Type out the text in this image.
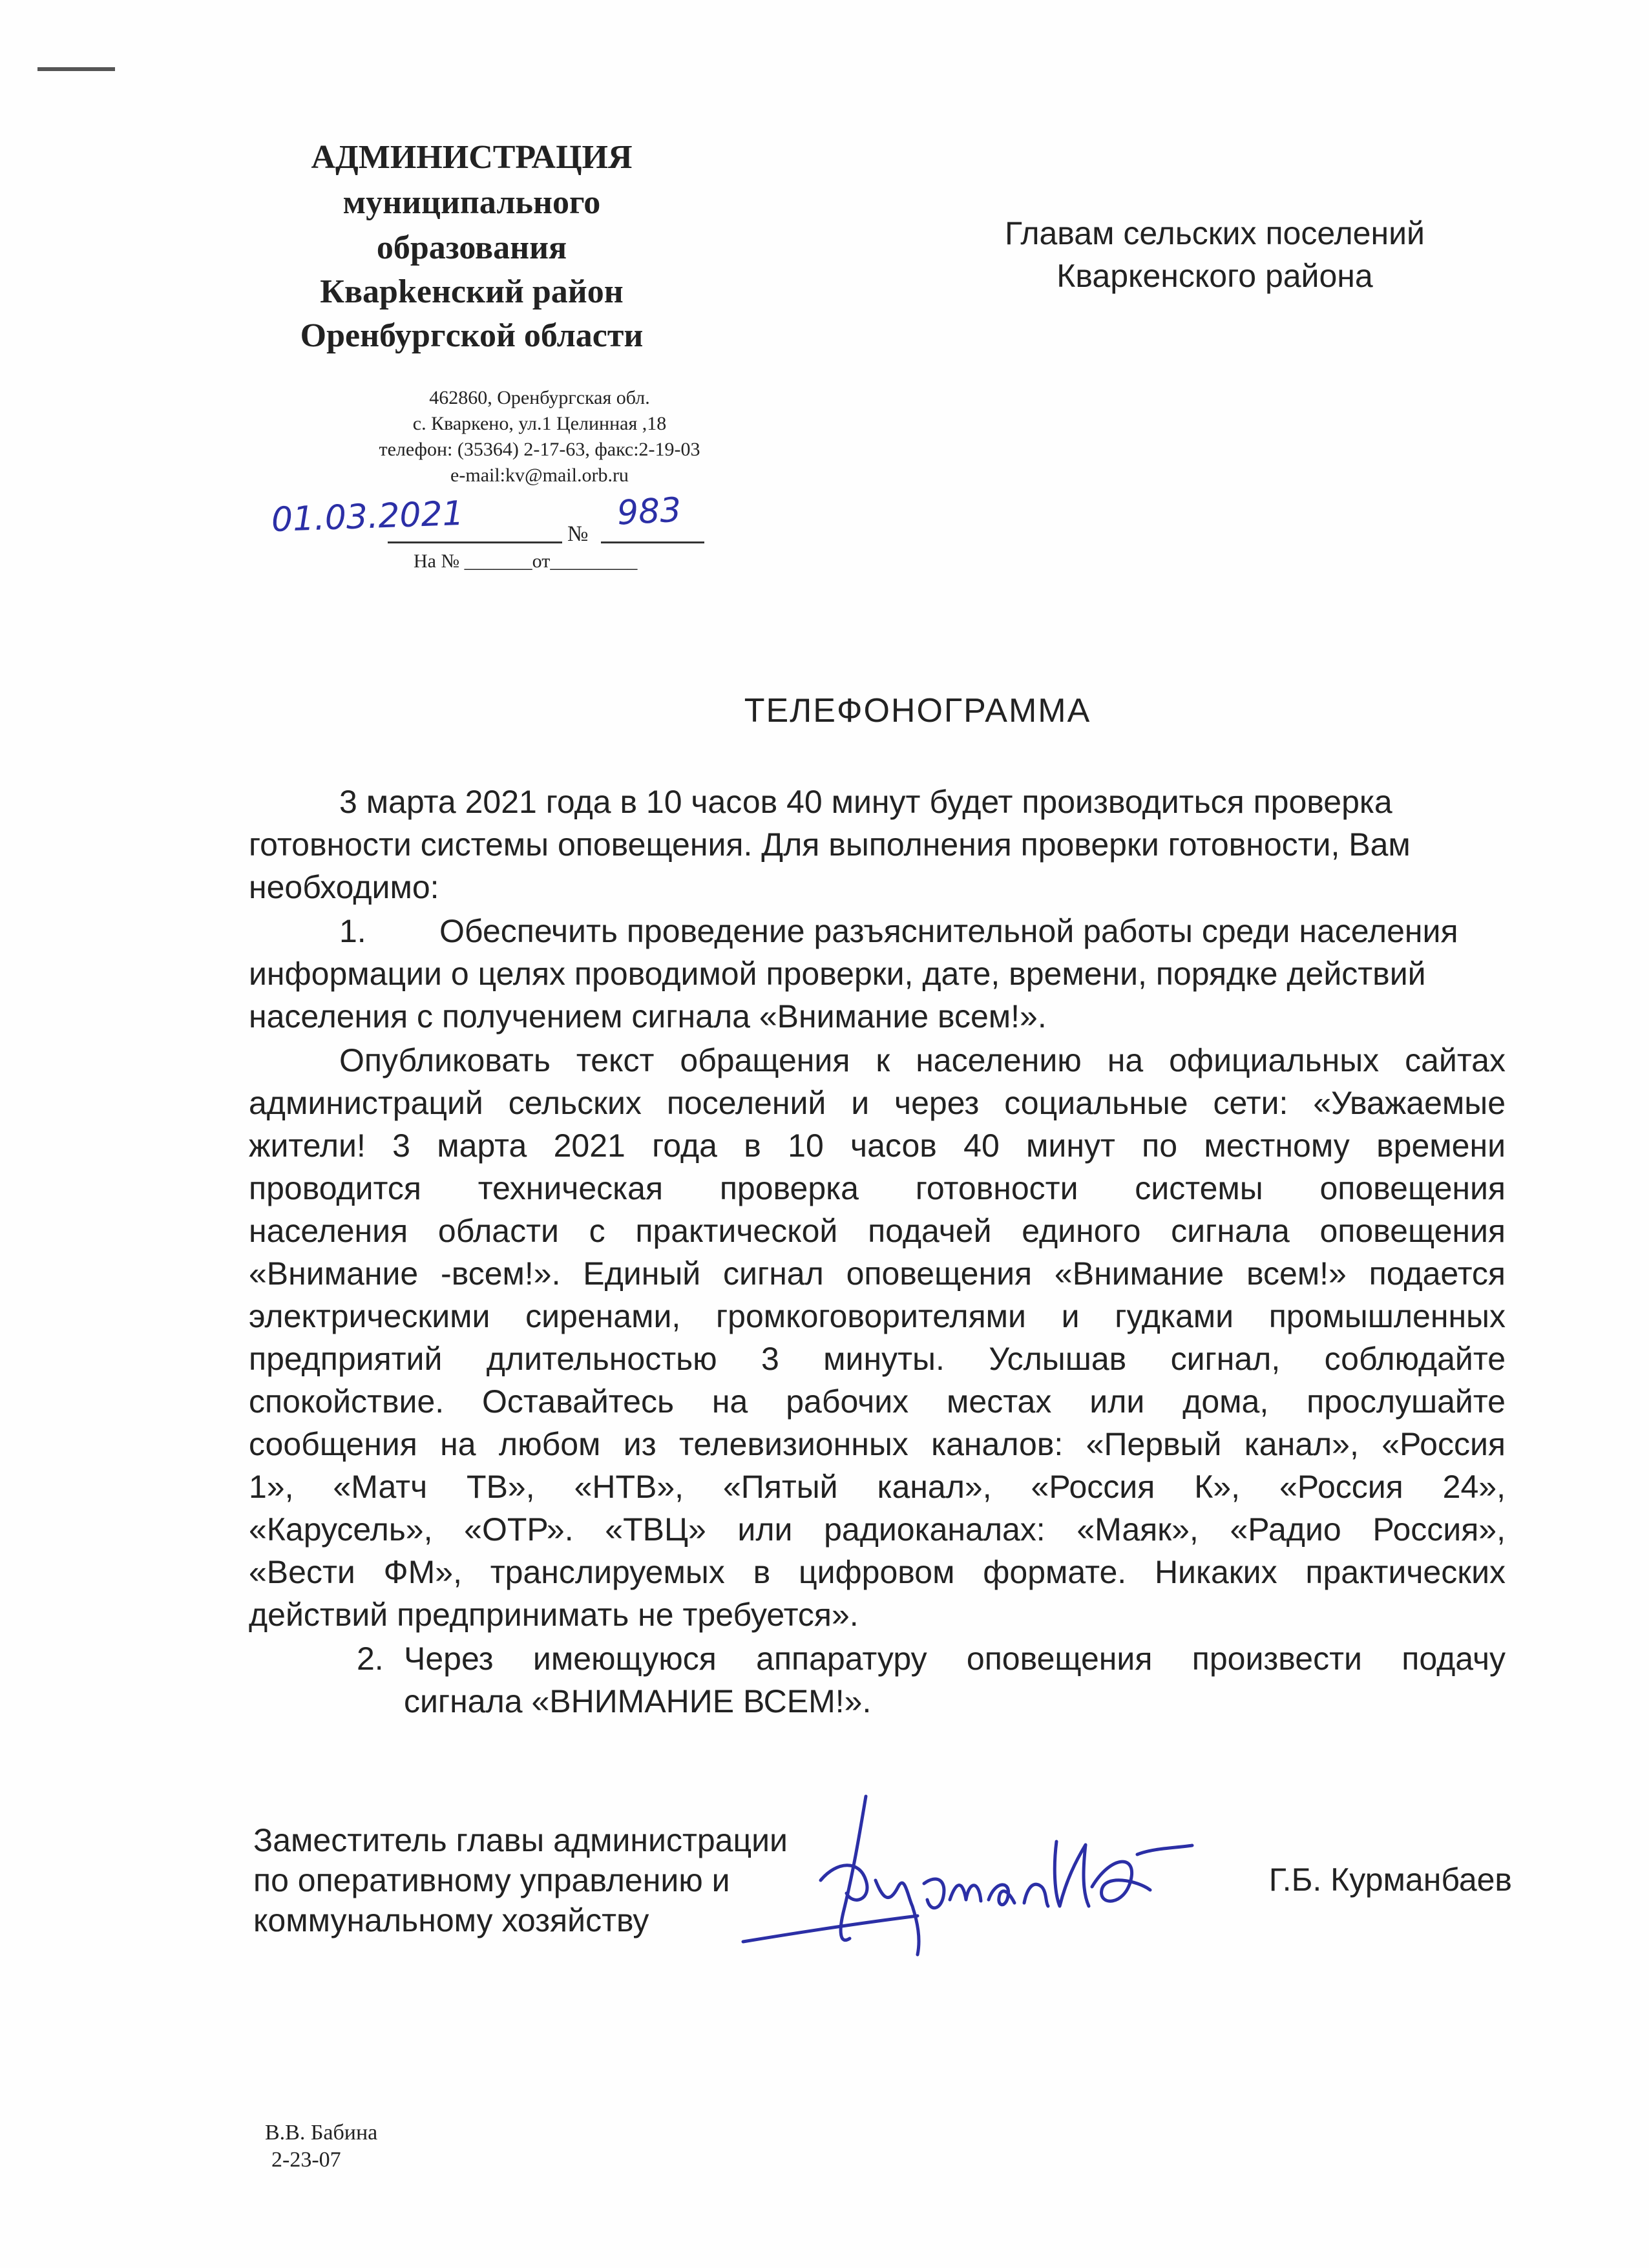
АДМИНИСТРАЦИЯ
муниципального
образования
Кварkенский район
Оренбургской области
462860, Оренбургская обл.
с. Кваркено, ул.1 Целинная ,18
телефон: (35364) 2-17-63, факс:2-19-03
e-mail:kv@mail.orb.ru
01.03.2021	№
983
На № _______от_________
Главам сельских поселений
Кваркенского района
ТЕЛЕФОНОГРАММА
3 марта 2021 года в 10 часов 40 минут будет производиться проверка
готовности системы оповещения. Для выполнения проверки готовности, Вам
необходимо:
1. Обеспечить проведение разъяснительной работы среди населения
информации о целях проводимой проверки, дате, времени, порядке действий
населения с получением сигнала «Внимание всем!».
Опубликовать текст обращения к населению на официальных сайтах
администраций сельских поселений и через социальные сети: «Уважаемые
жители! 3 марта 2021 года в 10 часов 40 минут по местному времени
проводится техническая проверка готовности системы оповещения
населения области с практической подачей единого сигнала оповещения
«Внимание -всем!». Единый сигнал оповещения «Внимание всем!» подается
электрическими сиренами, громкоговорителями и гудками промышленных
предприятий длительностью 3 минуты. Услышав сигнал, соблюдайте
спокойствие. Оставайтесь на рабочих местах или дома, прослушайте
сообщения на любом из телевизионных каналов: «Первый канал», «Россия
1», «Матч ТВ», «НТВ», «Пятый канал», «Россия К», «Россия 24»,
«Карусель», «ОТР». «ТВЦ» или радиоканалах: «Маяк», «Радио Россия»,
«Вести ФМ», транслируемых в цифровом формате. Никаких практических
действий предпринимать не требуется».
2. Через имеющуюся аппаратуру оповещения произвести подачу
сигнала «ВНИМАНИЕ ВСЕМ!».
Заместитель главы администрации
по оперативному управлению и
коммунальному хозяйству
Г.Б. Курманбаев
В.В. Бабина
2-23-07
